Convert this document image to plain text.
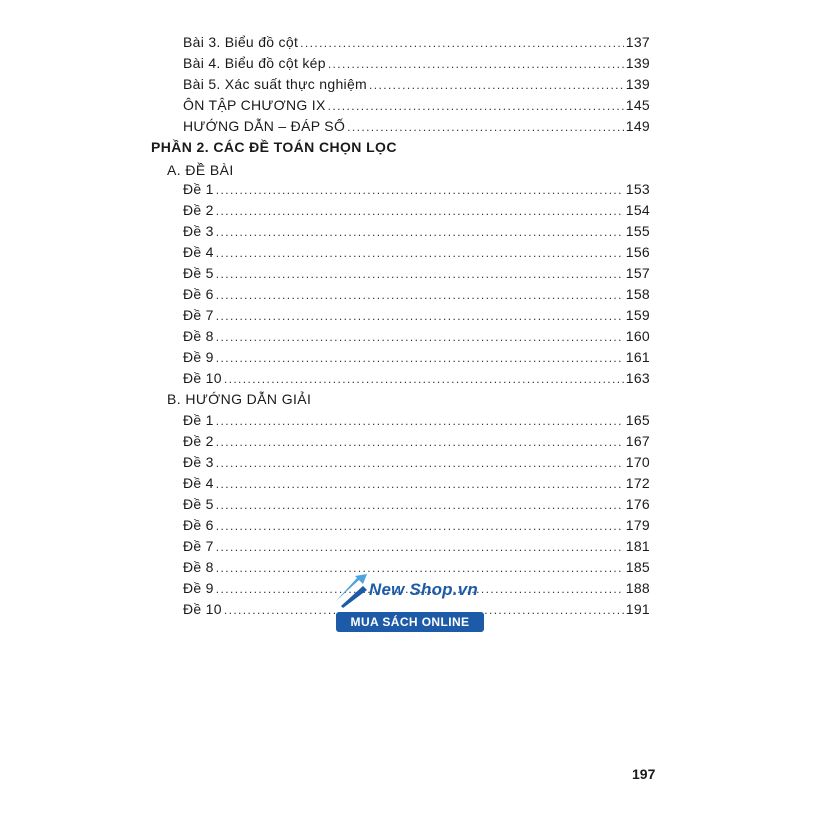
Bài 3. Biểu đồ cột .....	137
Bài 4. Biểu đồ cột kép .....	139
Bài 5. Xác suất thực nghiệm .....	139
ÔN TẬP CHƯƠNG IX .....	145
HƯỚNG DẪN – ĐÁP SỐ .....	149
PHẦN 2. CÁC ĐỀ TOÁN CHỌN LỌC
A. ĐỀ BÀI
Đề 1 .....	153
Đề 2 .....	154
Đề 3 .....	155
Đề 4 .....	156
Đề 5 .....	157
Đề 6 .....	158
Đề 7 .....	159
Đề 8 .....	160
Đề 9 .....	161
Đề 10 .....	163
B. HƯỚNG DẪN GIẢI
Đề 1 .....	165
Đề 2 .....	167
Đề 3 .....	170
Đề 4 .....	172
Đề 5 .....	176
Đề 6 .....	179
Đề 7 .....	181
Đề 8 .....	185
Đề 9 .....	188
Đề 10 .....	191
New Shop.vn
MUA SÁCH ONLINE
197
